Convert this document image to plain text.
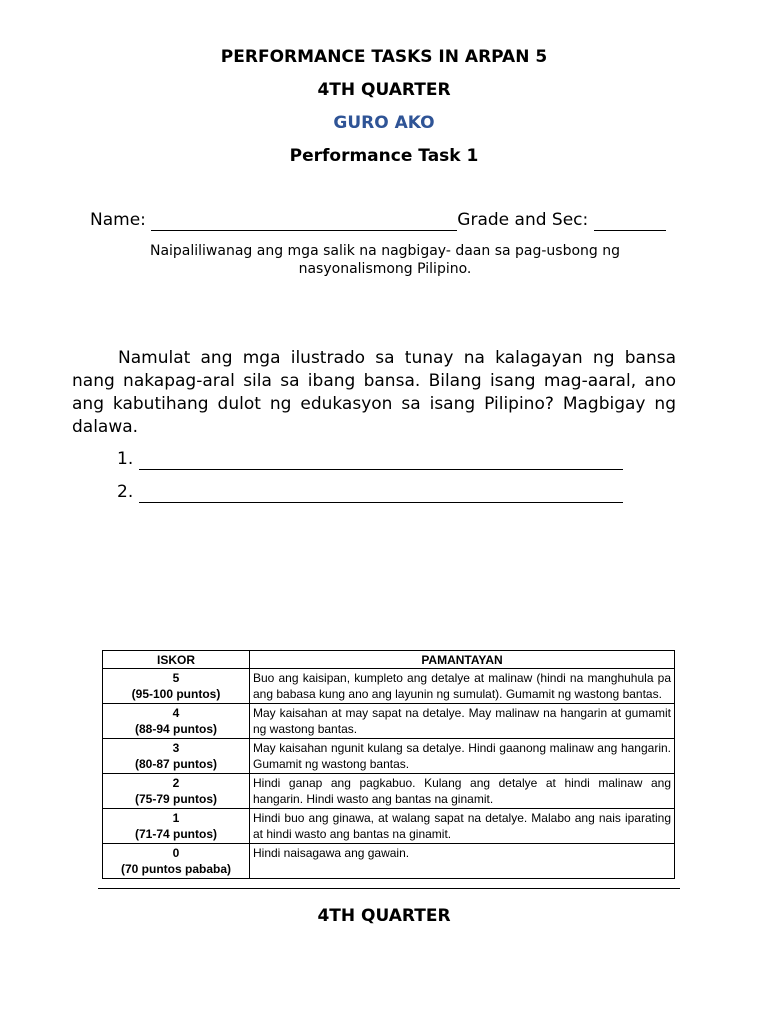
PERFORMANCE TASKS IN ARPAN 5
4TH QUARTER
GURO AKO
Performance Task 1
Name:	Grade and Sec:
Naipaliliwanag ang mga salik na nagbigay- daan sa pag-usbong ng nasyonalismong Pilipino.

Namulat ang mga ilustrado sa tunay na kalagayan ng bansa nang nakapag-aral sila sa ibang bansa. Bilang isang mag-aaral, ano ang kabutihang dulot ng edukasyon sa isang Pilipino? Magbigay ng dalawa.

1.
2.
ISKOR	PAMANTAYAN

5
(95-100 puntos)	Buo ang kaisipan, kumpleto ang detalye at malinaw (hindi na manghuhula pa ang babasa kung ano ang layunin ng sumulat). Gumamit ng wastong bantas.

4
(88-94 puntos)	May kaisahan at may sapat na detalye. May malinaw na hangarin at gumamit ng wastong bantas.

3
(80-87 puntos)	May kaisahan ngunit kulang sa detalye. Hindi gaanong malinaw ang hangarin. Gumamit ng wastong bantas.

2
(75-79 puntos)	Hindi ganap ang pagkabuo. Kulang ang detalye at hindi malinaw ang hangarin. Hindi wasto ang bantas na ginamit.

1
(71-74 puntos)	Hindi buo ang ginawa, at walang sapat na detalye. Malabo ang nais iparating at hindi wasto ang bantas na ginamit.

0
(70 puntos pababa)	Hindi naisagawa ang gawain.
4TH QUARTER
